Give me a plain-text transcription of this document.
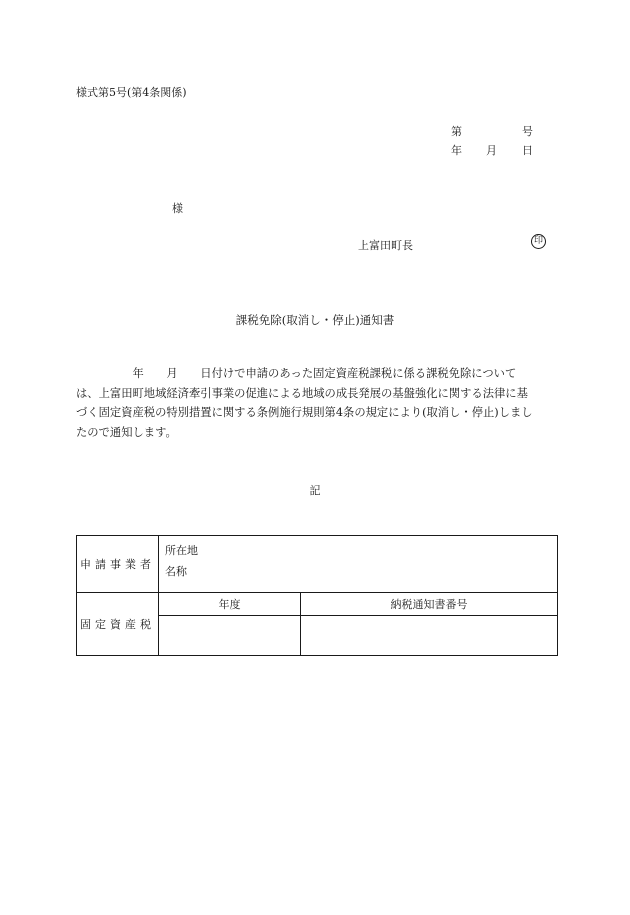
様式第5号(第4条関係)
第	号
年 月 日
様
上富田町長	印
課税免除(取消し・停止)通知書
　　　　　年　　月　　日付けで申請のあった固定資産税課税に係る課税免除について
は、上富田町地域経済牽引事業の促進による地域の成長発展の基盤強化に関する法律に基
づく固定資産税の特別措置に関する条例施行規則第4条の規定により(取消し・停止)しまし
たので通知します。
記
申請事業者	所在地
名称	

固定資産税	年度	納税通知書番号
